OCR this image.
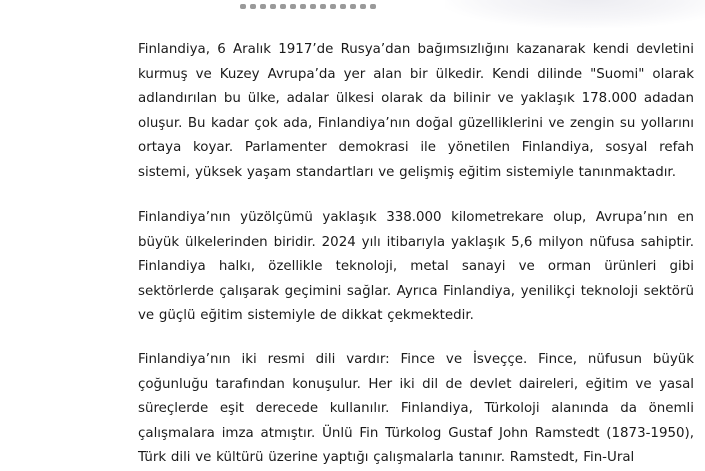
Finlandiya, 6 Aralık 1917’de Rusya’dan bağımsızlığını kazanarak kendi devletini kurmuş ve Kuzey Avrupa’da yer alan bir ülkedir. Kendi dilinde "Suomi" olarak adlandırılan bu ülke, adalar ülkesi olarak da bilinir ve yaklaşık 178.000 adadan oluşur. Bu kadar çok ada, Finlandiya’nın doğal güzelliklerini ve zengin su yollarını ortaya koyar. Parlamenter demokrasi ile yönetilen Finlandiya, sosyal refah sistemi, yüksek yaşam standartları ve gelişmiş eğitim sistemiyle tanınmaktadır.

Finlandiya’nın yüzölçümü yaklaşık 338.000 kilometrekare olup, Avrupa’nın en büyük ülkelerinden biridir. 2024 yılı itibarıyla yaklaşık 5,6 milyon nüfusa sahiptir. Finlandiya halkı, özellikle teknoloji, metal sanayi ve orman ürünleri gibi sektörlerde çalışarak geçimini sağlar. Ayrıca Finlandiya, yenilikçi teknoloji sektörü ve güçlü eğitim sistemiyle de dikkat çekmektedir.

Finlandiya’nın iki resmi dili vardır: Fince ve İsveççe. Fince, nüfusun büyük çoğunluğu tarafından konuşulur. Her iki dil de devlet daireleri, eğitim ve yasal süreçlerde eşit derecede kullanılır. Finlandiya, Türkoloji alanında da önemli çalışmalara imza atmıştır. Ünlü Fin Türkolog Gustaf John Ramstedt (1873-1950), Türk dili ve kültürü üzerine yaptığı çalışmalarla tanınır. Ramstedt, Fin-Ural
